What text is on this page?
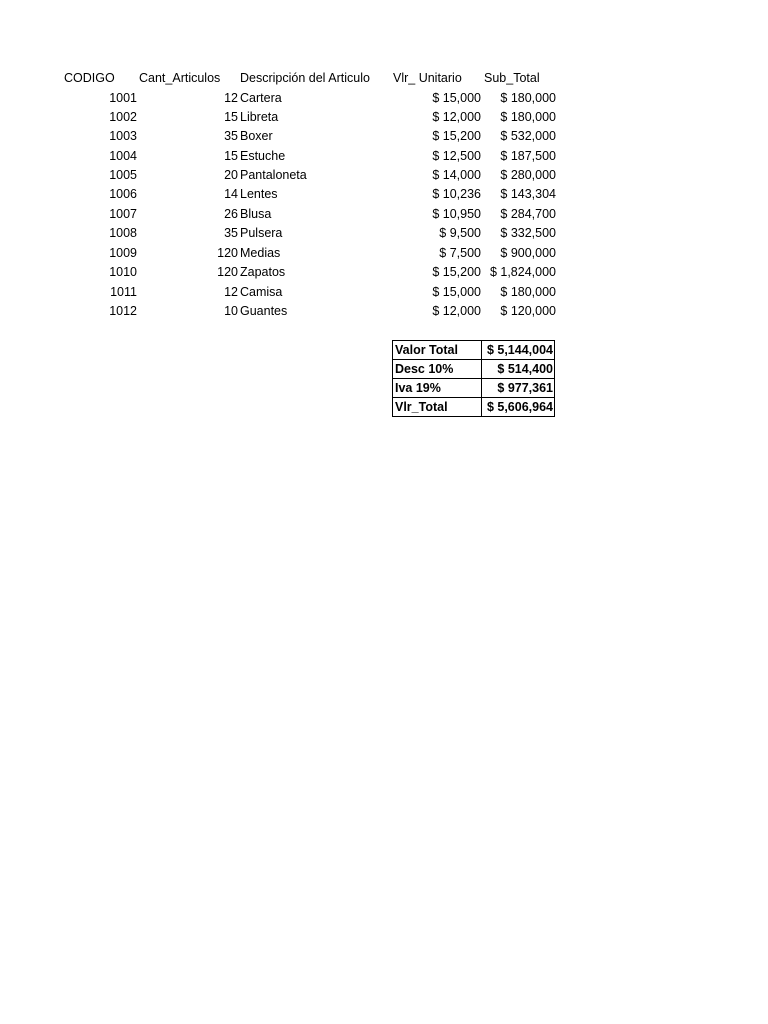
CODIGO	Cant_Articulos	Descripción del Articulo	Vlr_ Unitario	Sub_Total
1001	12 Cartera	$ 15,000	$ 180,000
1002	15 Libreta	$ 12,000	$ 180,000
1003	35 Boxer	$ 15,200	$ 532,000
1004	15 Estuche	$ 12,500	$ 187,500
1005	20 Pantaloneta	$ 14,000	$ 280,000
1006	14 Lentes	$ 10,236	$ 143,304
1007	26 Blusa	$ 10,950	$ 284,700
1008	35 Pulsera	$ 9,500	$ 332,500
1009	120 Medias	$ 7,500	$ 900,000
1010	120 Zapatos	$ 15,200 $ 1,824,000
1011	12 Camisa	$ 15,000	$ 180,000
1012	10 Guantes	$ 12,000	$ 120,000
Valor Total	$ 5,144,004
Desc 10%	$ 514,400
Iva 19%	$ 977,361
Vlr_Total	$ 5,606,964
